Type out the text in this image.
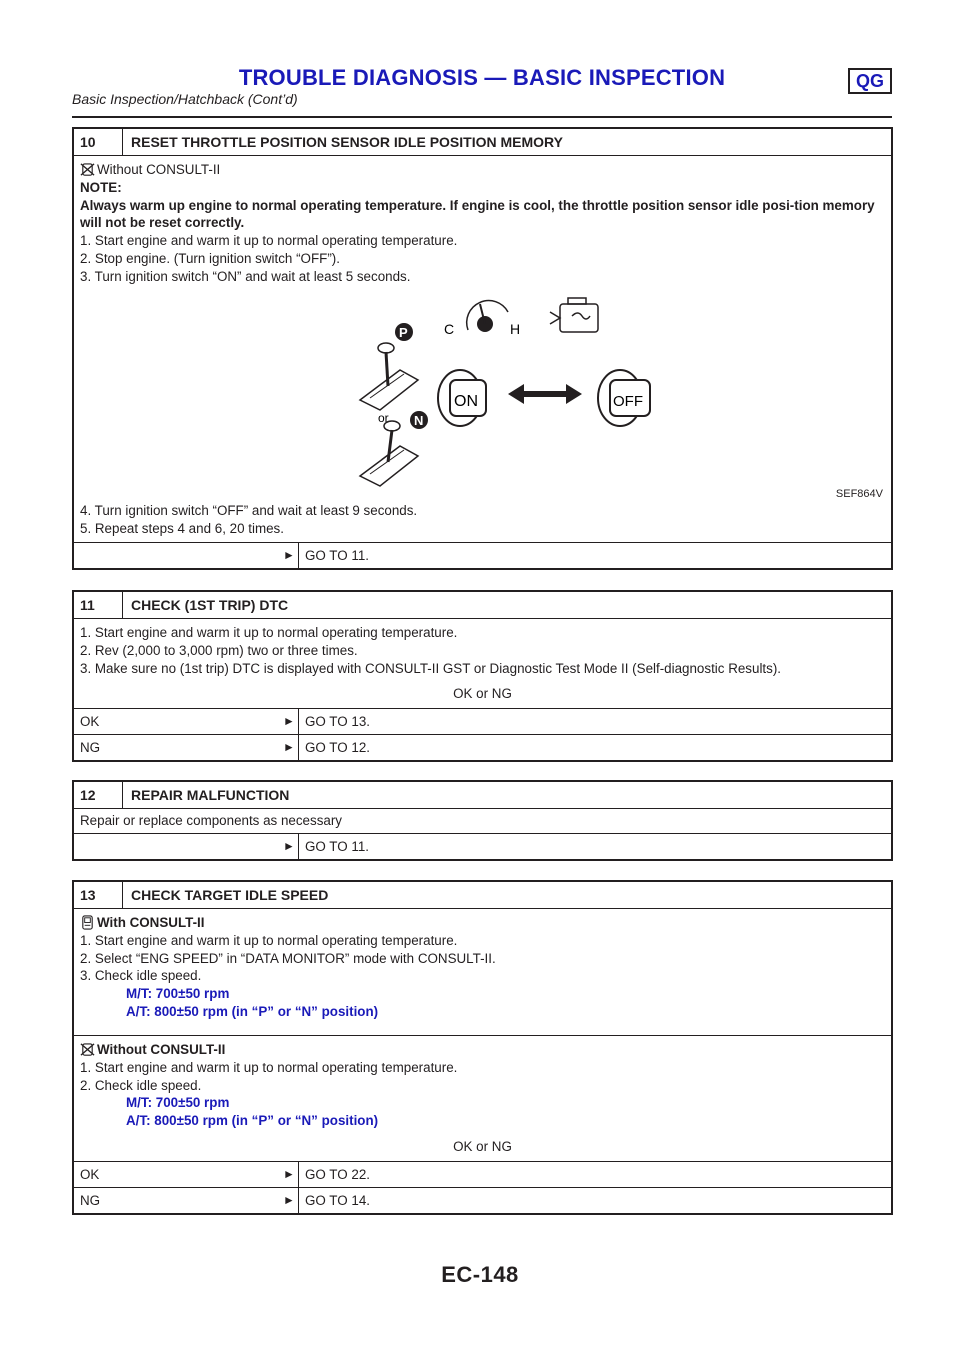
TROUBLE DIAGNOSIS — BASIC INSPECTION	QG
Basic Inspection/Hatchback (Cont’d)
10	RESET THROTTLE POSITION SENSOR IDLE POSITION MEMORY
Without CONSULT-II
NOTE:
Always warm up engine to normal operating temperature. If engine is cool, the throttle position sensor idle posi-tion memory will not be reset correctly.
1. Start engine and warm it up to normal operating temperature.
2. Stop engine. (Turn ignition switch “OFF”).
3. Turn ignition switch “ON” and wait at least 5 seconds.
C	H
P
or N
ON	OFF
SEF864V
4. Turn ignition switch “OFF” and wait at least 9 seconds.
5. Repeat steps 4 and 6, 20 times.
► GO TO 11.
11	CHECK (1ST TRIP) DTC
1. Start engine and warm it up to normal operating temperature.
2. Rev (2,000 to 3,000 rpm) two or three times.
3. Make sure no (1st trip) DTC is displayed with CONSULT-II GST or Diagnostic Test Mode II (Self-diagnostic Results).
OK or NG
OK	► GO TO 13.
NG	► GO TO 12.
12	REPAIR MALFUNCTION
Repair or replace components as necessary
► GO TO 11.
13	CHECK TARGET IDLE SPEED
With CONSULT-II
1. Start engine and warm it up to normal operating temperature.
2. Select “ENG SPEED” in “DATA MONITOR” mode with CONSULT-II.
3. Check idle speed.
M/T: 700±50 rpm
A/T: 800±50 rpm (in “P” or “N” position)
Without CONSULT-II
1. Start engine and warm it up to normal operating temperature.
2. Check idle speed.
M/T: 700±50 rpm
A/T: 800±50 rpm (in “P” or “N” position)
OK or NG
OK	► GO TO 22.
NG	► GO TO 14.
EC-148
